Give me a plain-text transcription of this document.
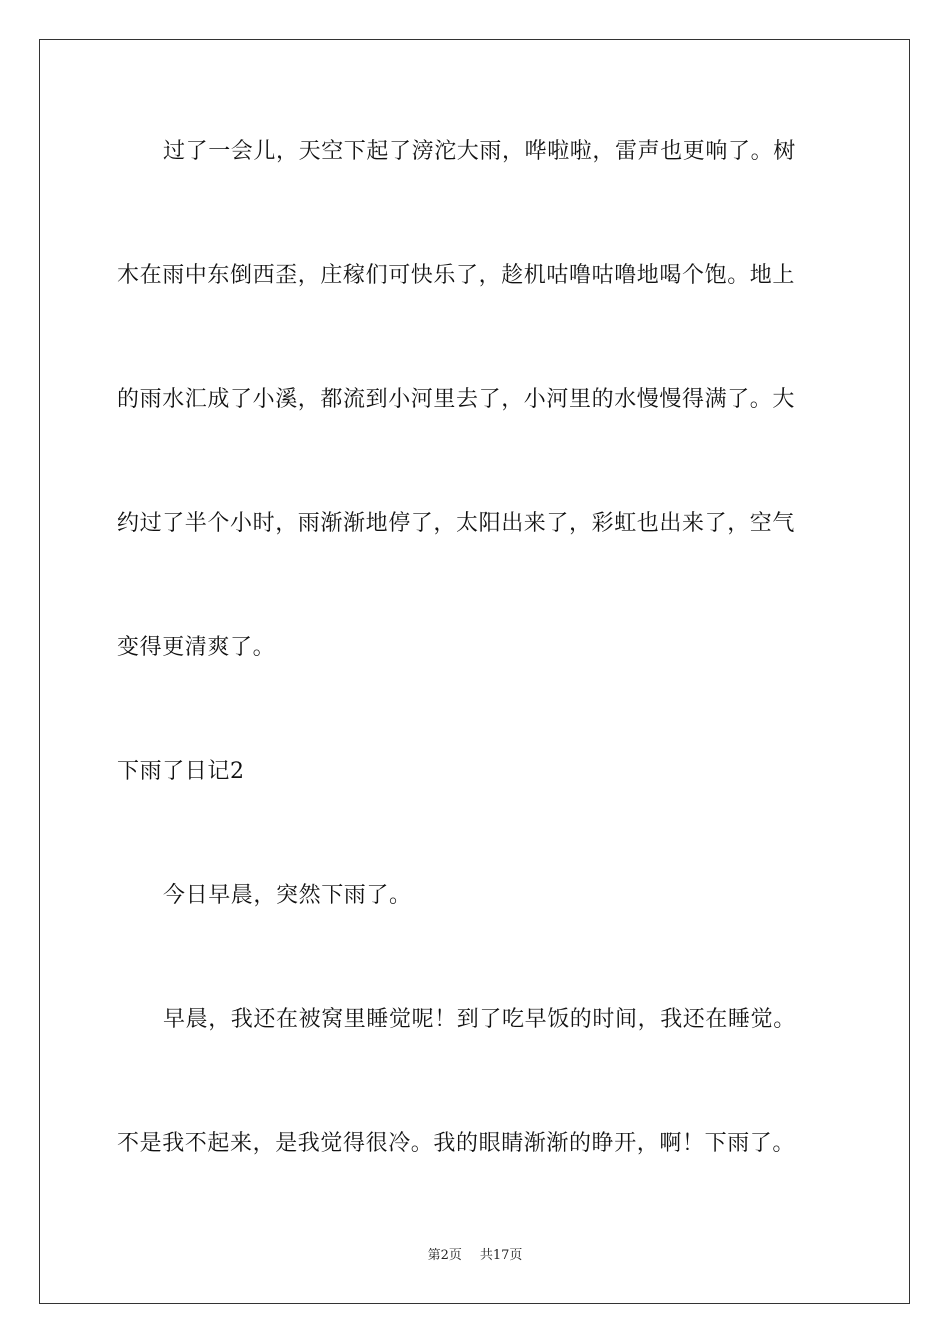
过了一会儿，天空下起了滂沱大雨，哗啦啦，雷声也更响了。树
木在雨中东倒西歪，庄稼们可快乐了，趁机咕噜咕噜地喝个饱。地上
的雨水汇成了小溪，都流到小河里去了，小河里的水慢慢得满了。大
约过了半个小时，雨渐渐地停了，太阳出来了，彩虹也出来了，空气
变得更清爽了。
下雨了日记2
今日早晨，突然下雨了。
早晨，我还在被窝里睡觉呢！到了吃早饭的时间，我还在睡觉。
不是我不起来，是我觉得很冷。我的眼睛渐渐的睁开，啊！下雨了。
第2页 共17页
